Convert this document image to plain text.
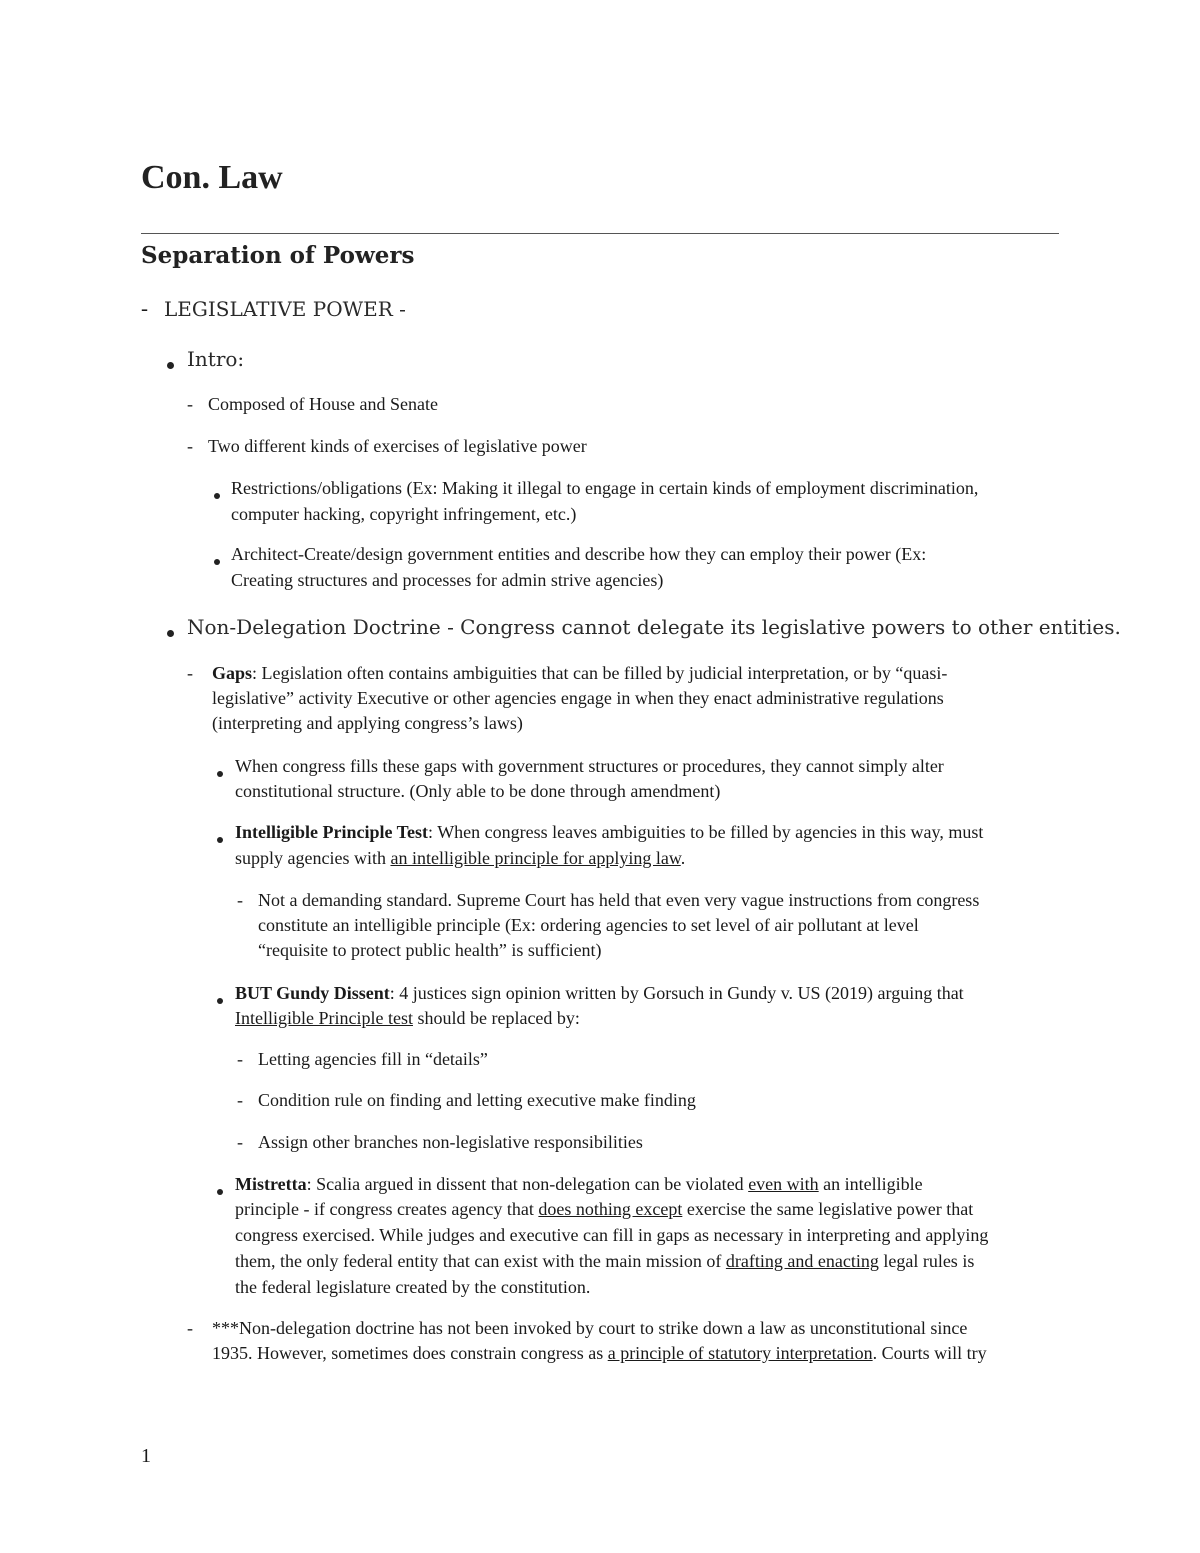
Con. Law
Separation of Powers
- LEGISLATIVE POWER -

Intro:

- Composed of House and Senate

- Two different kinds of exercises of legislative power

Restrictions/obligations (Ex: Making it illegal to engage in certain kinds of employment discrimination,

computer hacking, copyright infringement, etc.)

Architect-Create/design government entities and describe how they can employ their power (Ex:

Creating structures and processes for admin strive agencies)

Non-Delegation Doctrine - Congress cannot delegate its legislative powers to other entities.

- Gaps: Legislation often contains ambiguities that can be filled by judicial interpretation, or by “quasi-

legislative” activity Executive or other agencies engage in when they enact administrative regulations

(interpreting and applying congress’s laws)

When congress fills these gaps with government structures or procedures, they cannot simply alter

constitutional structure. (Only able to be done through amendment)

Intelligible Principle Test: When congress leaves ambiguities to be filled by agencies in this way, must

supply agencies with an intelligible principle for applying law.

- Not a demanding standard. Supreme Court has held that even very vague instructions from congress

constitute an intelligible principle (Ex: ordering agencies to set level of air pollutant at level

“requisite to protect public health” is sufficient)

BUT Gundy Dissent: 4 justices sign opinion written by Gorsuch in Gundy v. US (2019) arguing that

Intelligible Principle test should be replaced by:

- Letting agencies fill in “details”

- Condition rule on finding and letting executive make finding

- Assign other branches non-legislative responsibilities

Mistretta: Scalia argued in dissent that non-delegation can be violated even with an intelligible

principle - if congress creates agency that does nothing except exercise the same legislative power that

congress exercised. While judges and executive can fill in gaps as necessary in interpreting and applying

them, the only federal entity that can exist with the main mission of drafting and enacting legal rules is

the federal legislature created by the constitution.

- ***Non-delegation doctrine has not been invoked by court to strike down a law as unconstitutional since

1935. However, sometimes does constrain congress as a principle of statutory interpretation. Courts will try

1
